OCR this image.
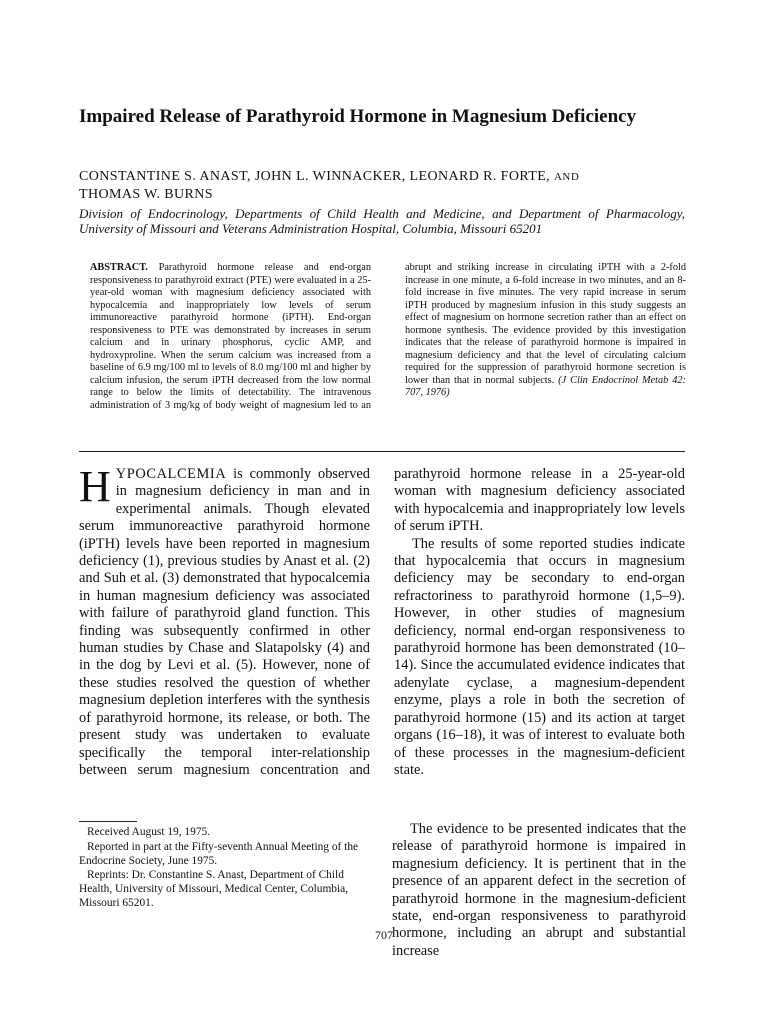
Impaired Release of Parathyroid Hormone in Magnesium Deficiency
CONSTANTINE S. ANAST, JOHN L. WINNACKER, LEONARD R. FORTE, AND
THOMAS W. BURNS
Division of Endocrinology, Departments of Child Health and Medicine, and Department of Pharmacology, University of Missouri and Veterans Administration Hospital, Columbia, Missouri 65201
ABSTRACT. Parathyroid hormone release and end-organ responsiveness to parathyroid extract (PTE) were evaluated in a 25-year-old woman with magnesium deficiency associated with hypocalcemia and inappropriately low levels of serum immunoreactive parathyroid hormone (iPTH). End-organ responsiveness to PTE was demonstrated by increases in serum calcium and in urinary phosphorus, cyclic AMP, and hydroxyproline. When the serum calcium was increased from a baseline of 6.9 mg/100 ml to levels of 8.0 mg/100 ml and higher by calcium infusion, the serum iPTH decreased from the low normal range to below the limits of detectability. The intravenous administration of 3 mg/kg of body weight of magnesium led to an abrupt and striking increase in circulating iPTH with a 2-fold increase in one minute, a 6-fold increase in two minutes, and an 8-fold increase in five minutes. The very rapid increase in serum iPTH produced by magnesium infusion in this study suggests an effect of magnesium on hormone secretion rather than an effect on hormone synthesis. The evidence provided by this investigation indicates that the release of parathyroid hormone is impaired in magnesium deficiency and that the level of circulating calcium required for the suppression of parathyroid hormone secretion is lower than that in normal subjects. (J Clin Endocrinol Metab 42: 707, 1976)

HYPOCALCEMIA is commonly observed in magnesium deficiency in man and in experimental animals. Though elevated serum immunoreactive parathyroid hormone (iPTH) levels have been reported in magnesium deficiency (1), previous studies by Anast et al. (2) and Suh et al. (3) demonstrated that hypocalcemia in human magnesium deficiency was associated with failure of parathyroid gland function. This finding was subsequently confirmed in other human studies by Chase and Slatapolsky (4) and in the dog by Levi et al. (5). However, none of these studies resolved the question of whether magnesium depletion interferes with the synthesis of parathyroid hormone, its release, or both. The present study was undertaken to evaluate specifically the temporal inter-relationship between serum magnesium concentration and parathyroid hormone release in a 25-year-old woman with magnesium deficiency associated with hypocalcemia and inappropriately low levels of serum iPTH.

The results of some reported studies indicate that hypocalcemia that occurs in magnesium deficiency may be secondary to end-organ refractoriness to parathyroid hormone (1,5–9). However, in other studies of magnesium deficiency, normal end-organ responsiveness to parathyroid hormone has been demonstrated (10–14). Since the accumulated evidence indicates that adenylate cyclase, a magnesium-dependent enzyme, plays a role in both the secretion of parathyroid hormone (15) and its action at target organs (16–18), it was of interest to evaluate both of these processes in the magnesium-deficient state.

The evidence to be presented indicates that the release of parathyroid hormone is impaired in magnesium deficiency. It is pertinent that in the presence of an apparent defect in the secretion of parathyroid hormone in the magnesium-deficient state, end-organ responsiveness to parathyroid hormone, including an abrupt and substantial increase

Received August 19, 1975.

Reported in part at the Fifty-seventh Annual Meeting of the Endocrine Society, June 1975.

Reprints: Dr. Constantine S. Anast, Department of Child Health, University of Missouri, Medical Center, Columbia, Missouri 65201.

707
